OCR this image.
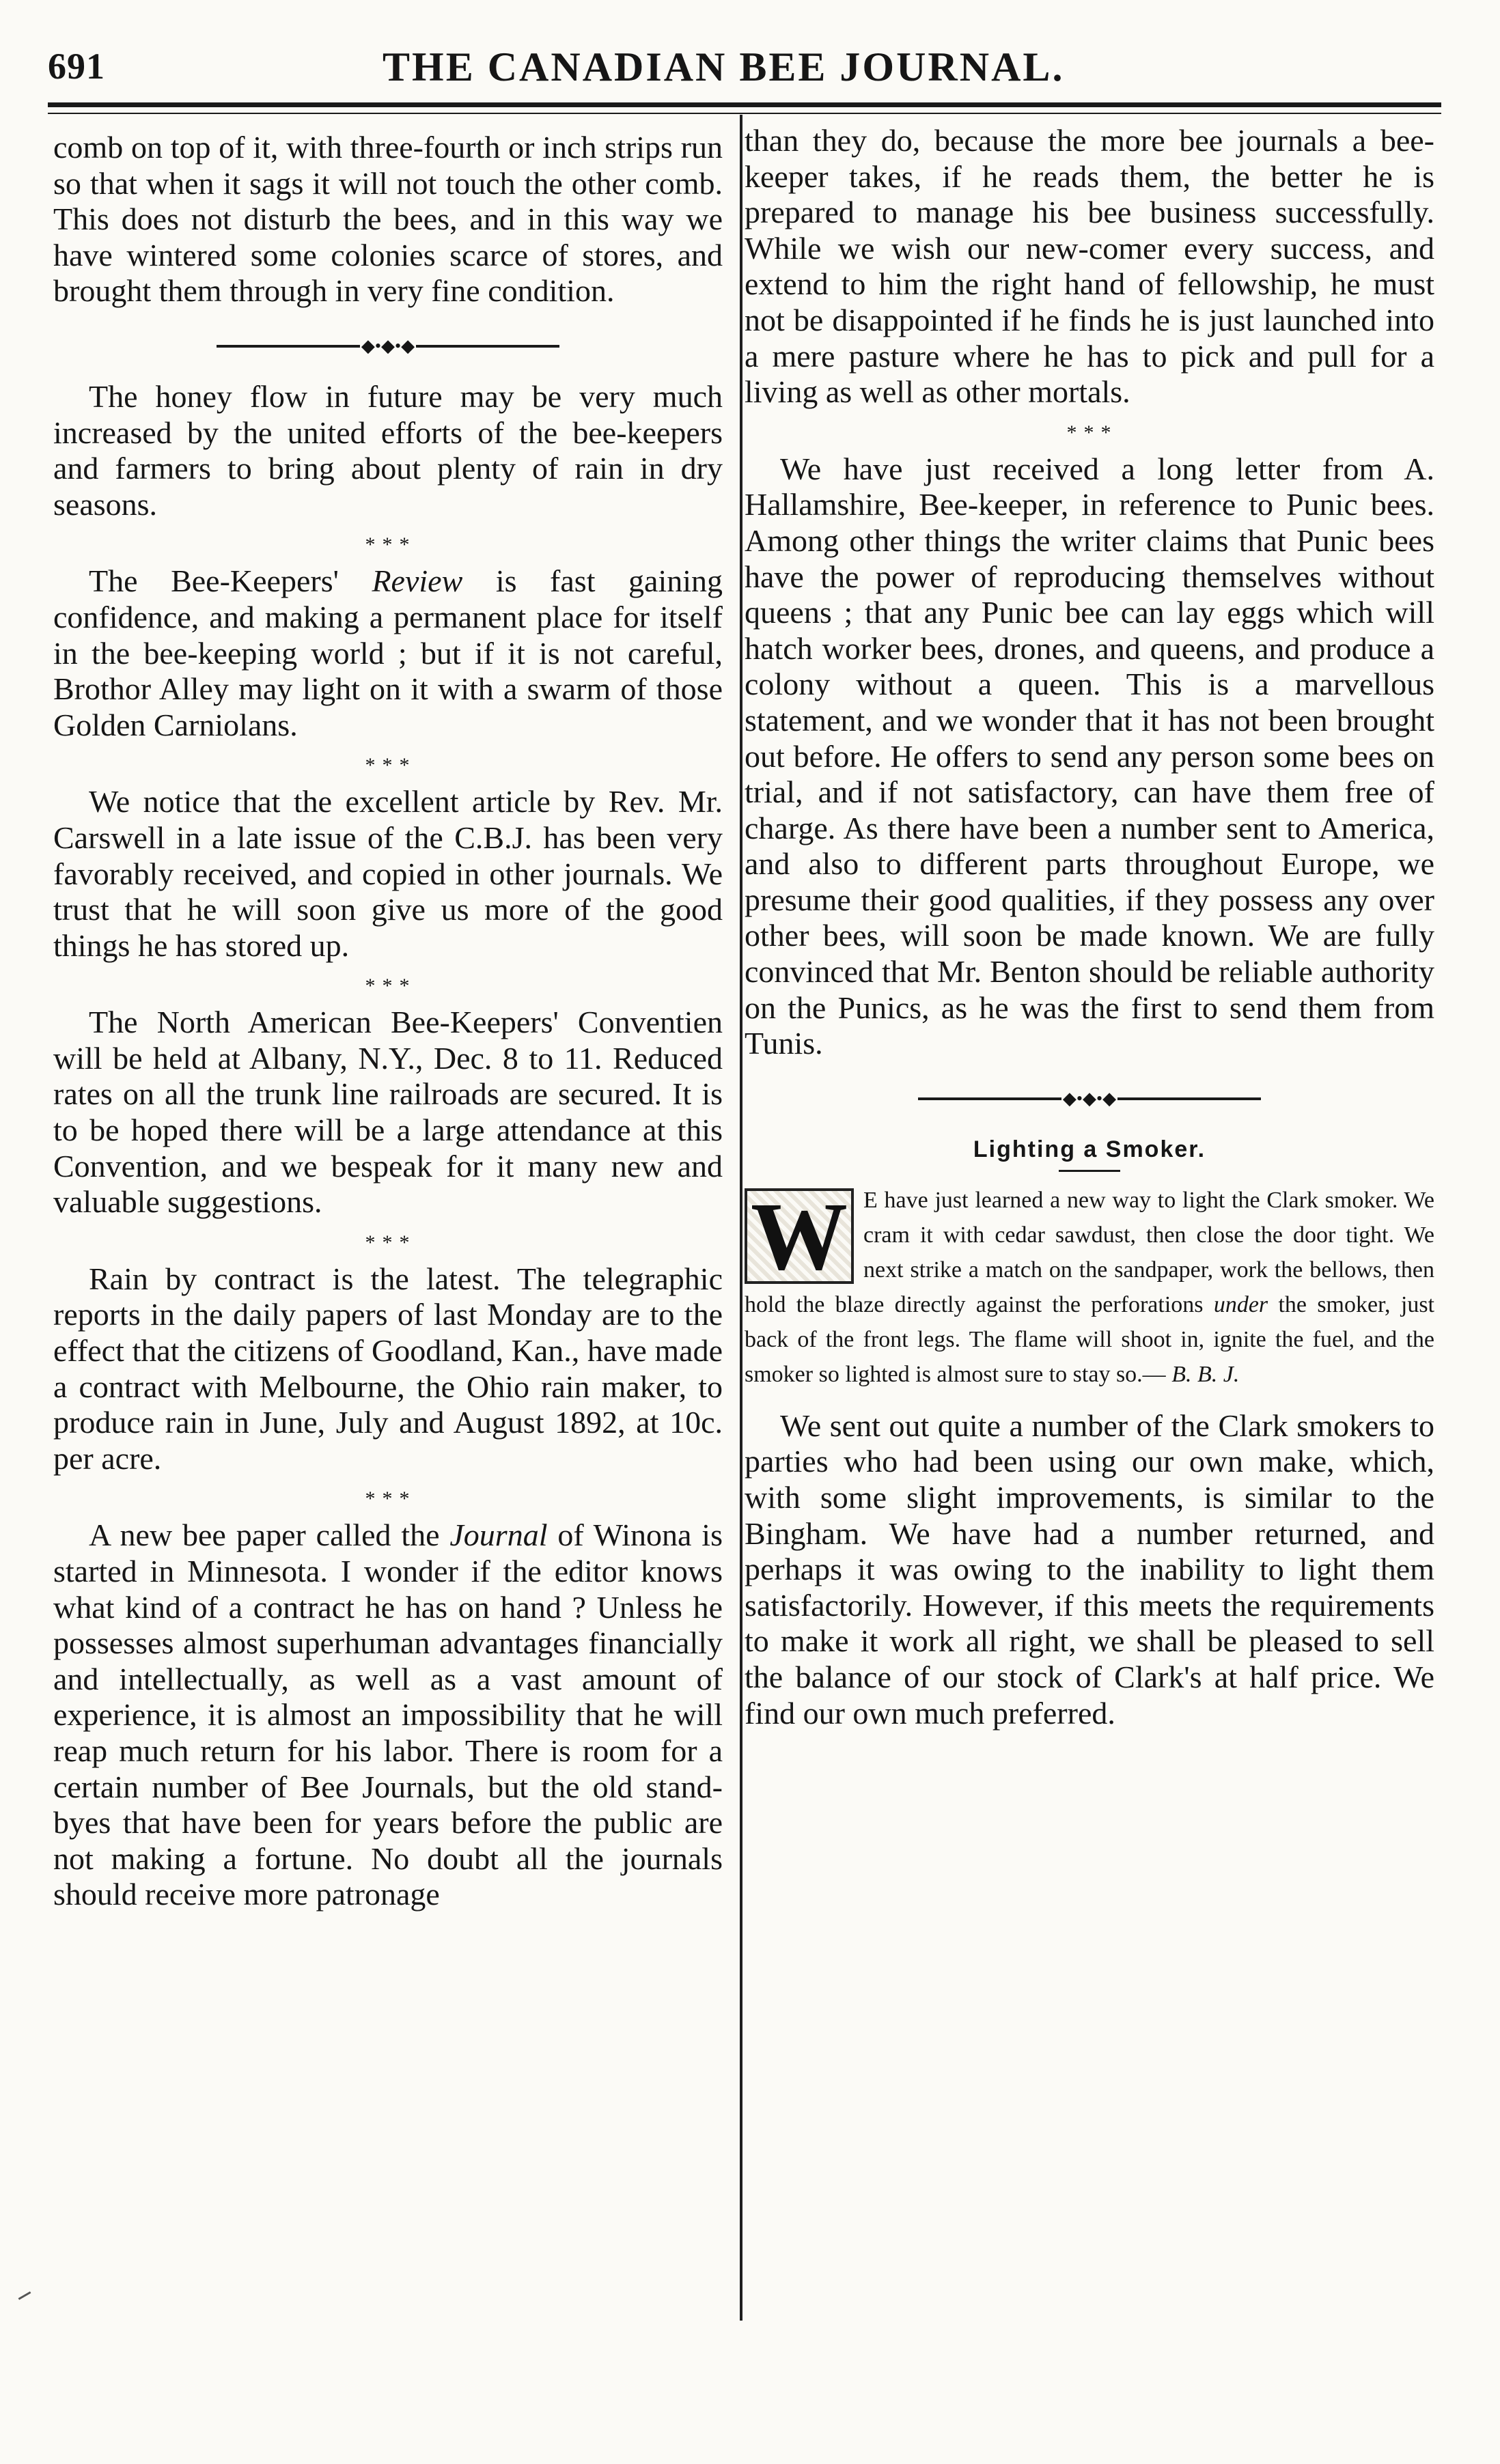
691	THE CANADIAN BEE JOURNAL.

comb on top of it, with three-fourth or inch strips run so that when it sags it will not touch the other comb. This does not disturb the bees, and in this way we have wintered some colonies scarce of stores, and brought them through in very fine condition.

◆•◆•◆

The honey flow in future may be very much increased by the united efforts of the bee-keepers and farmers to bring about plenty of rain in dry seasons.

* * *

The Bee-Keepers' Review is fast gaining confidence, and making a permanent place for itself in the bee-keeping world ; but if it is not careful, Brothor Alley may light on it with a swarm of those Golden Carniolans.

* * *

We notice that the excellent article by Rev. Mr. Carswell in a late issue of the C.B.J. has been very favorably received, and copied in other journals. We trust that he will soon give us more of the good things he has stored up.

* * *

The North American Bee-Keepers' Conventien will be held at Albany, N.Y., Dec. 8 to 11. Reduced rates on all the trunk line railroads are secured. It is to be hoped there will be a large attendance at this Convention, and we bespeak for it many new and valuable suggestions.

* * *

Rain by contract is the latest. The telegraphic reports in the daily papers of last Monday are to the effect that the citizens of Goodland, Kan., have made a contract with Melbourne, the Ohio rain maker, to produce rain in June, July and August 1892, at 10c. per acre.

* * *

A new bee paper called the Journal of Winona is started in Minnesota. I wonder if the editor knows what kind of a contract he has on hand ? Unless he possesses almost superhuman advantages financially and intellectually, as well as a vast amount of experience, it is almost an impossibility that he will reap much return for his labor. There is room for a certain number of Bee Journals, but the old stand-byes that have been for years before the public are not making a fortune. No doubt all the journals should receive more patronage

than they do, because the more bee journals a bee-keeper takes, if he reads them, the better he is prepared to manage his bee business successfully. While we wish our new-comer every success, and extend to him the right hand of fellowship, he must not be disappointed if he finds he is just launched into a mere pasture where he has to pick and pull for a living as well as other mortals.

* * *

We have just received a long letter from A. Hallamshire, Bee-keeper, in reference to Punic bees. Among other things the writer claims that Punic bees have the power of reproducing themselves without queens ; that any Punic bee can lay eggs which will hatch worker bees, drones, and queens, and produce a colony without a queen. This is a marvellous statement, and we wonder that it has not been brought out before. He offers to send any person some bees on trial, and if not satisfactory, can have them free of charge. As there have been a number sent to America, and also to different parts throughout Europe, we presume their good qualities, if they possess any over other bees, will soon be made known. We are fully convinced that Mr. Benton should be reliable authority on the Punics, as he was the first to send them from Tunis.

◆•◆•◆
Lighting a Smoker.
W E have just learned a new way to light the Clark smoker. We cram it with cedar sawdust, then close the door tight. We next strike a match on the sandpaper, work the bellows, then hold the blaze directly against the perforations under the smoker, just back of the front legs. The flame will shoot in, ignite the fuel, and the smoker so lighted is almost sure to stay so.— B. B. J.

We sent out quite a number of the Clark smokers to parties who had been using our own make, which, with some slight improvements, is similar to the Bingham. We have had a number returned, and perhaps it was owing to the inability to light them satisfactorily. However, if this meets the requirements to make it work all right, we shall be pleased to sell the balance of our stock of Clark's at half price. We find our own much preferred.
